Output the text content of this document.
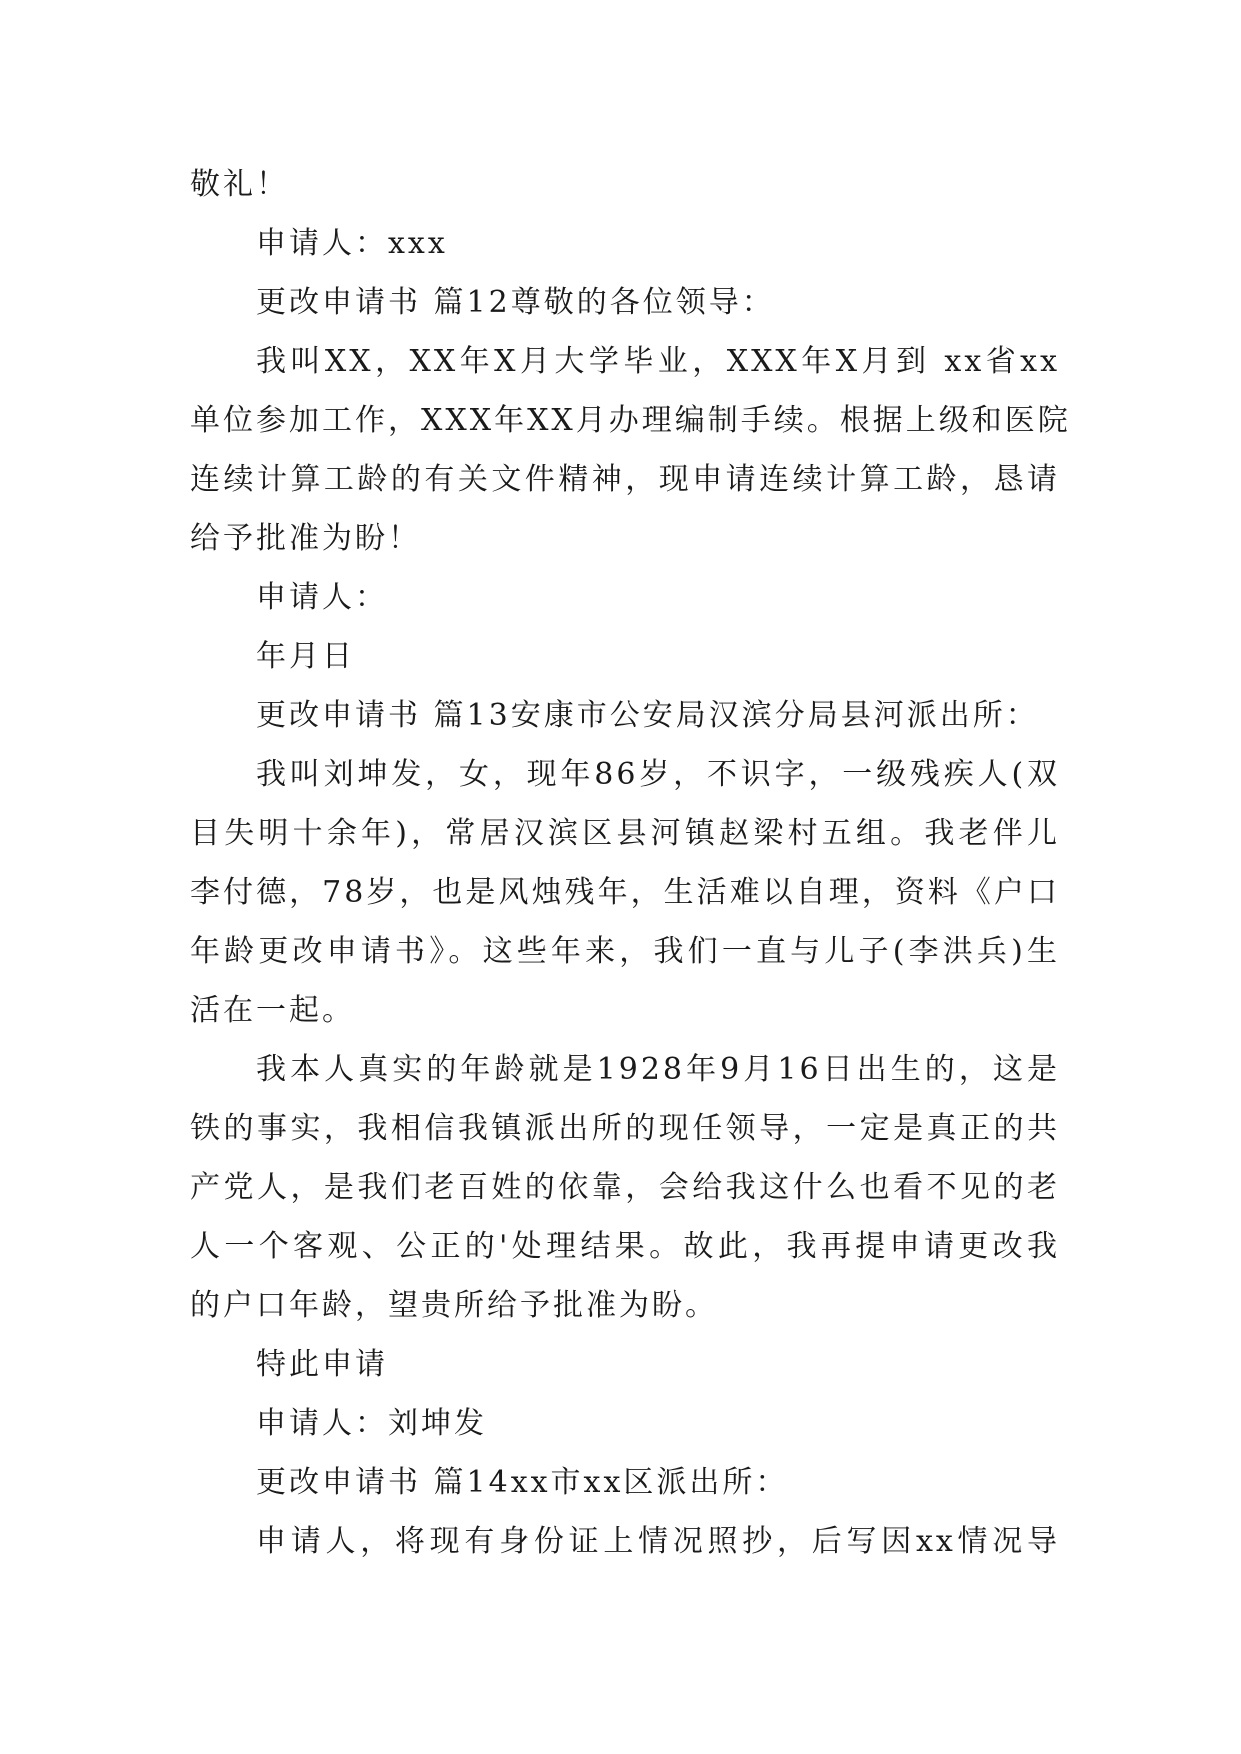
敬礼！
申请人：xxx
更改申请书 篇12尊敬的各位领导：
我叫XX，XX年X月大学毕业，XXX年X月到 xx省xx
单位参加工作，XXX年XX月办理编制手续。根据上级和医院
连续计算工龄的有关文件精神，现申请连续计算工龄，恳请
给予批准为盼！
申请人：
年月日
更改申请书 篇13安康市公安局汉滨分局县河派出所：
我叫刘坤发，女，现年86岁，不识字，一级残疾人(双
目失明十余年)，常居汉滨区县河镇赵梁村五组。我老伴儿
李付德，78岁，也是风烛残年，生活难以自理，资料《户口
年龄更改申请书》。这些年来，我们一直与儿子(李洪兵)生
活在一起。
我本人真实的年龄就是1928年9月16日出生的，这是
铁的事实，我相信我镇派出所的现任领导，一定是真正的共
产党人，是我们老百姓的依靠，会给我这什么也看不见的老
人一个客观、公正的'处理结果。故此，我再提申请更改我
的户口年龄，望贵所给予批准为盼。
特此申请
申请人：刘坤发
更改申请书 篇14xx市xx区派出所：
申请人，将现有身份证上情况照抄，后写因xx情况导
